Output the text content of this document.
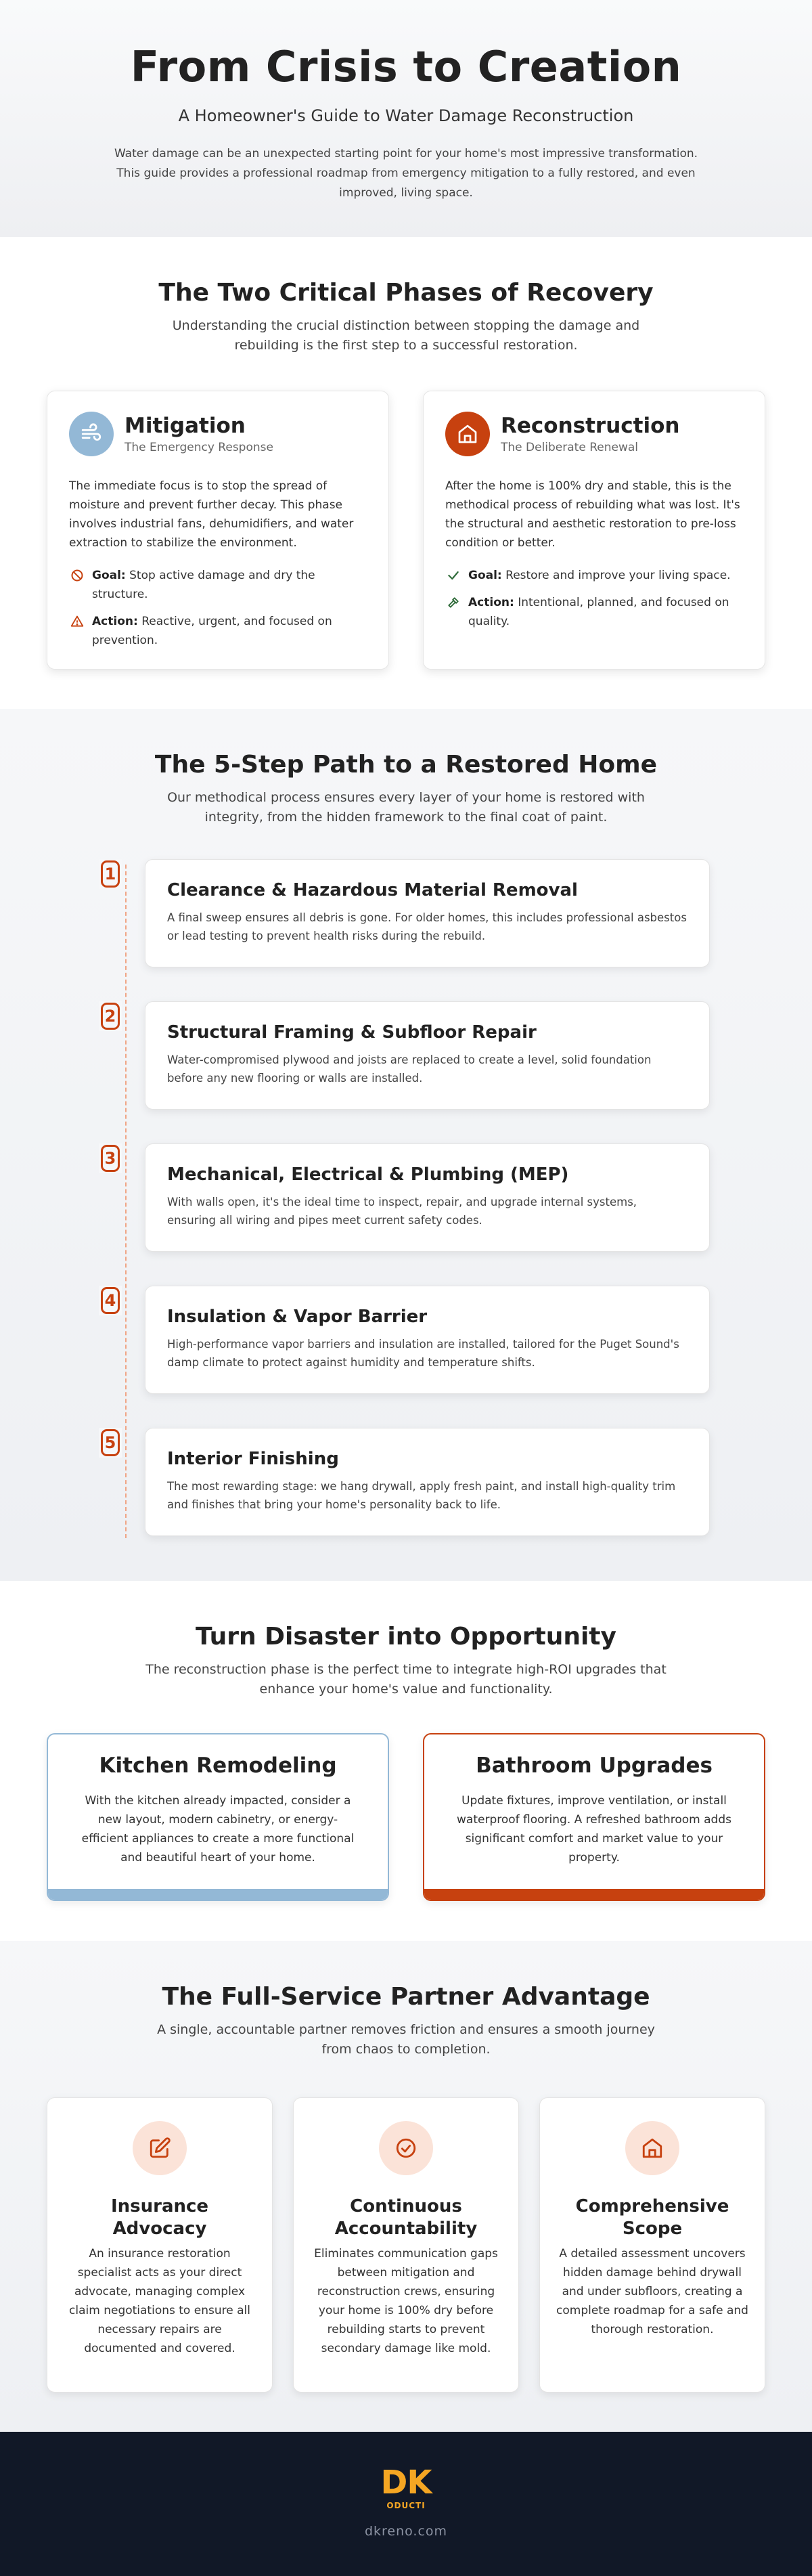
From Crisis to Creation
A Homeowner's Guide to Water Damage Reconstruction

Water damage can be an unexpected starting point for your home's most impressive transformation. This guide provides a professional roadmap from emergency mitigation to a fully restored, and even improved, living space.

The Two Critical Phases of Recovery

Understanding the crucial distinction between stopping the damage and rebuilding is the first step to a successful restoration.

Mitigation
The Emergency Response

The immediate focus is to stop the spread of moisture and prevent further decay. This phase involves industrial fans, dehumidifiers, and water extraction to stabilize the environment.

Goal: Stop active damage and dry the structure.
Action: Reactive, urgent, and focused on prevention.
Reconstruction
The Deliberate Renewal

After the home is 100% dry and stable, this is the methodical process of rebuilding what was lost. It's the structural and aesthetic restoration to pre-loss condition or better.

Goal: Restore and improve your living space.
Action: Intentional, planned, and focused on quality.
The 5-Step Path to a Restored Home

Our methodical process ensures every layer of your home is restored with integrity, from the hidden framework to the final coat of paint.

1
Clearance & Hazardous Material Removal

A final sweep ensures all debris is gone. For older homes, this includes professional asbestos or lead testing to prevent health risks during the rebuild.

2
Structural Framing & Subfloor Repair

Water-compromised plywood and joists are replaced to create a level, solid foundation before any new flooring or walls are installed.

3
Mechanical, Electrical & Plumbing (MEP)

With walls open, it's the ideal time to inspect, repair, and upgrade internal systems, ensuring all wiring and pipes meet current safety codes.

4
Insulation & Vapor Barrier

High-performance vapor barriers and insulation are installed, tailored for the Puget Sound's damp climate to protect against humidity and temperature shifts.

5
Interior Finishing

The most rewarding stage: we hang drywall, apply fresh paint, and install high-quality trim and finishes that bring your home's personality back to life.

Turn Disaster into Opportunity

The reconstruction phase is the perfect time to integrate high-ROI upgrades that enhance your home's value and functionality.

Kitchen Remodeling

With the kitchen already impacted, consider a new layout, modern cabinetry, or energy-efficient appliances to create a more functional and beautiful heart of your home.

Bathroom Upgrades

Update fixtures, improve ventilation, or install waterproof flooring. A refreshed bathroom adds significant comfort and market value to your property.

The Full-Service Partner Advantage

A single, accountable partner removes friction and ensures a smooth journey from chaos to completion.

Insurance Advocacy

An insurance restoration specialist acts as your direct advocate, managing complex claim negotiations to ensure all necessary repairs are documented and covered.

Continuous Accountability

Eliminates communication gaps between mitigation and reconstruction crews, ensuring your home is 100% dry before rebuilding starts to prevent secondary damage like mold.

Comprehensive Scope

A detailed assessment uncovers hidden damage behind drywall and under subfloors, creating a complete roadmap for a safe and thorough restoration.

DK
ODUCTI
dkreno.com
